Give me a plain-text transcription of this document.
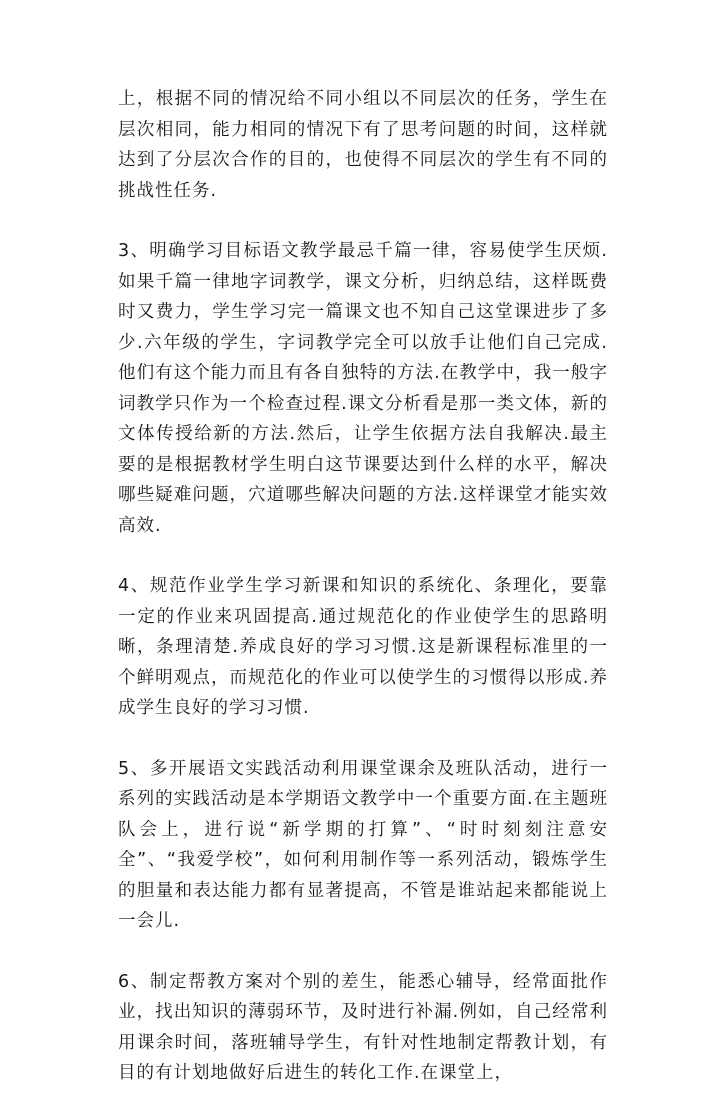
上，根据不同的情况给不同小组以不同层次的任务，学生在层次相同，能力相同的情况下有了思考问题的时间，这样就达到了分层次合作的目的，也使得不同层次的学生有不同的挑战性任务.

3、明确学习目标语文教学最忌千篇一律，容易使学生厌烦.如果千篇一律地字词教学，课文分析，归纳总结，这样既费时又费力，学生学习完一篇课文也不知自己这堂课进步了多少.六年级的学生，字词教学完全可以放手让他们自己完成.他们有这个能力而且有各自独特的方法.在教学中，我一般字词教学只作为一个检查过程.课文分析看是那一类文体，新的文体传授给新的方法.然后，让学生依据方法自我解决.最主要的是根据教材学生明白这节课要达到什么样的水平，解决哪些疑难问题，穴道哪些解决问题的方法.这样课堂才能实效高效.

4、规范作业学生学习新课和知识的系统化、条理化，要靠一定的作业来巩固提高.通过规范化的作业使学生的思路明晰，条理清楚.养成良好的学习习惯.这是新课程标准里的一个鲜明观点，而规范化的作业可以使学生的习惯得以形成.养成学生良好的学习习惯.

5、多开展语文实践活动利用课堂课余及班队活动，进行一系列的实践活动是本学期语文教学中一个重要方面.在主题班队会上，进行说“新学期的打算”、“时时刻刻注意安全”、“我爱学校”，如何利用制作等一系列活动，锻炼学生的胆量和表达能力都有显著提高，不管是谁站起来都能说上一会儿.

6、制定帮教方案对个别的差生，能悉心辅导，经常面批作业，找出知识的薄弱环节，及时进行补漏.例如，自己经常利用课余时间，落班辅导学生，有针对性地制定帮教计划，有目的有计划地做好后进生的转化工作.在课堂上，
